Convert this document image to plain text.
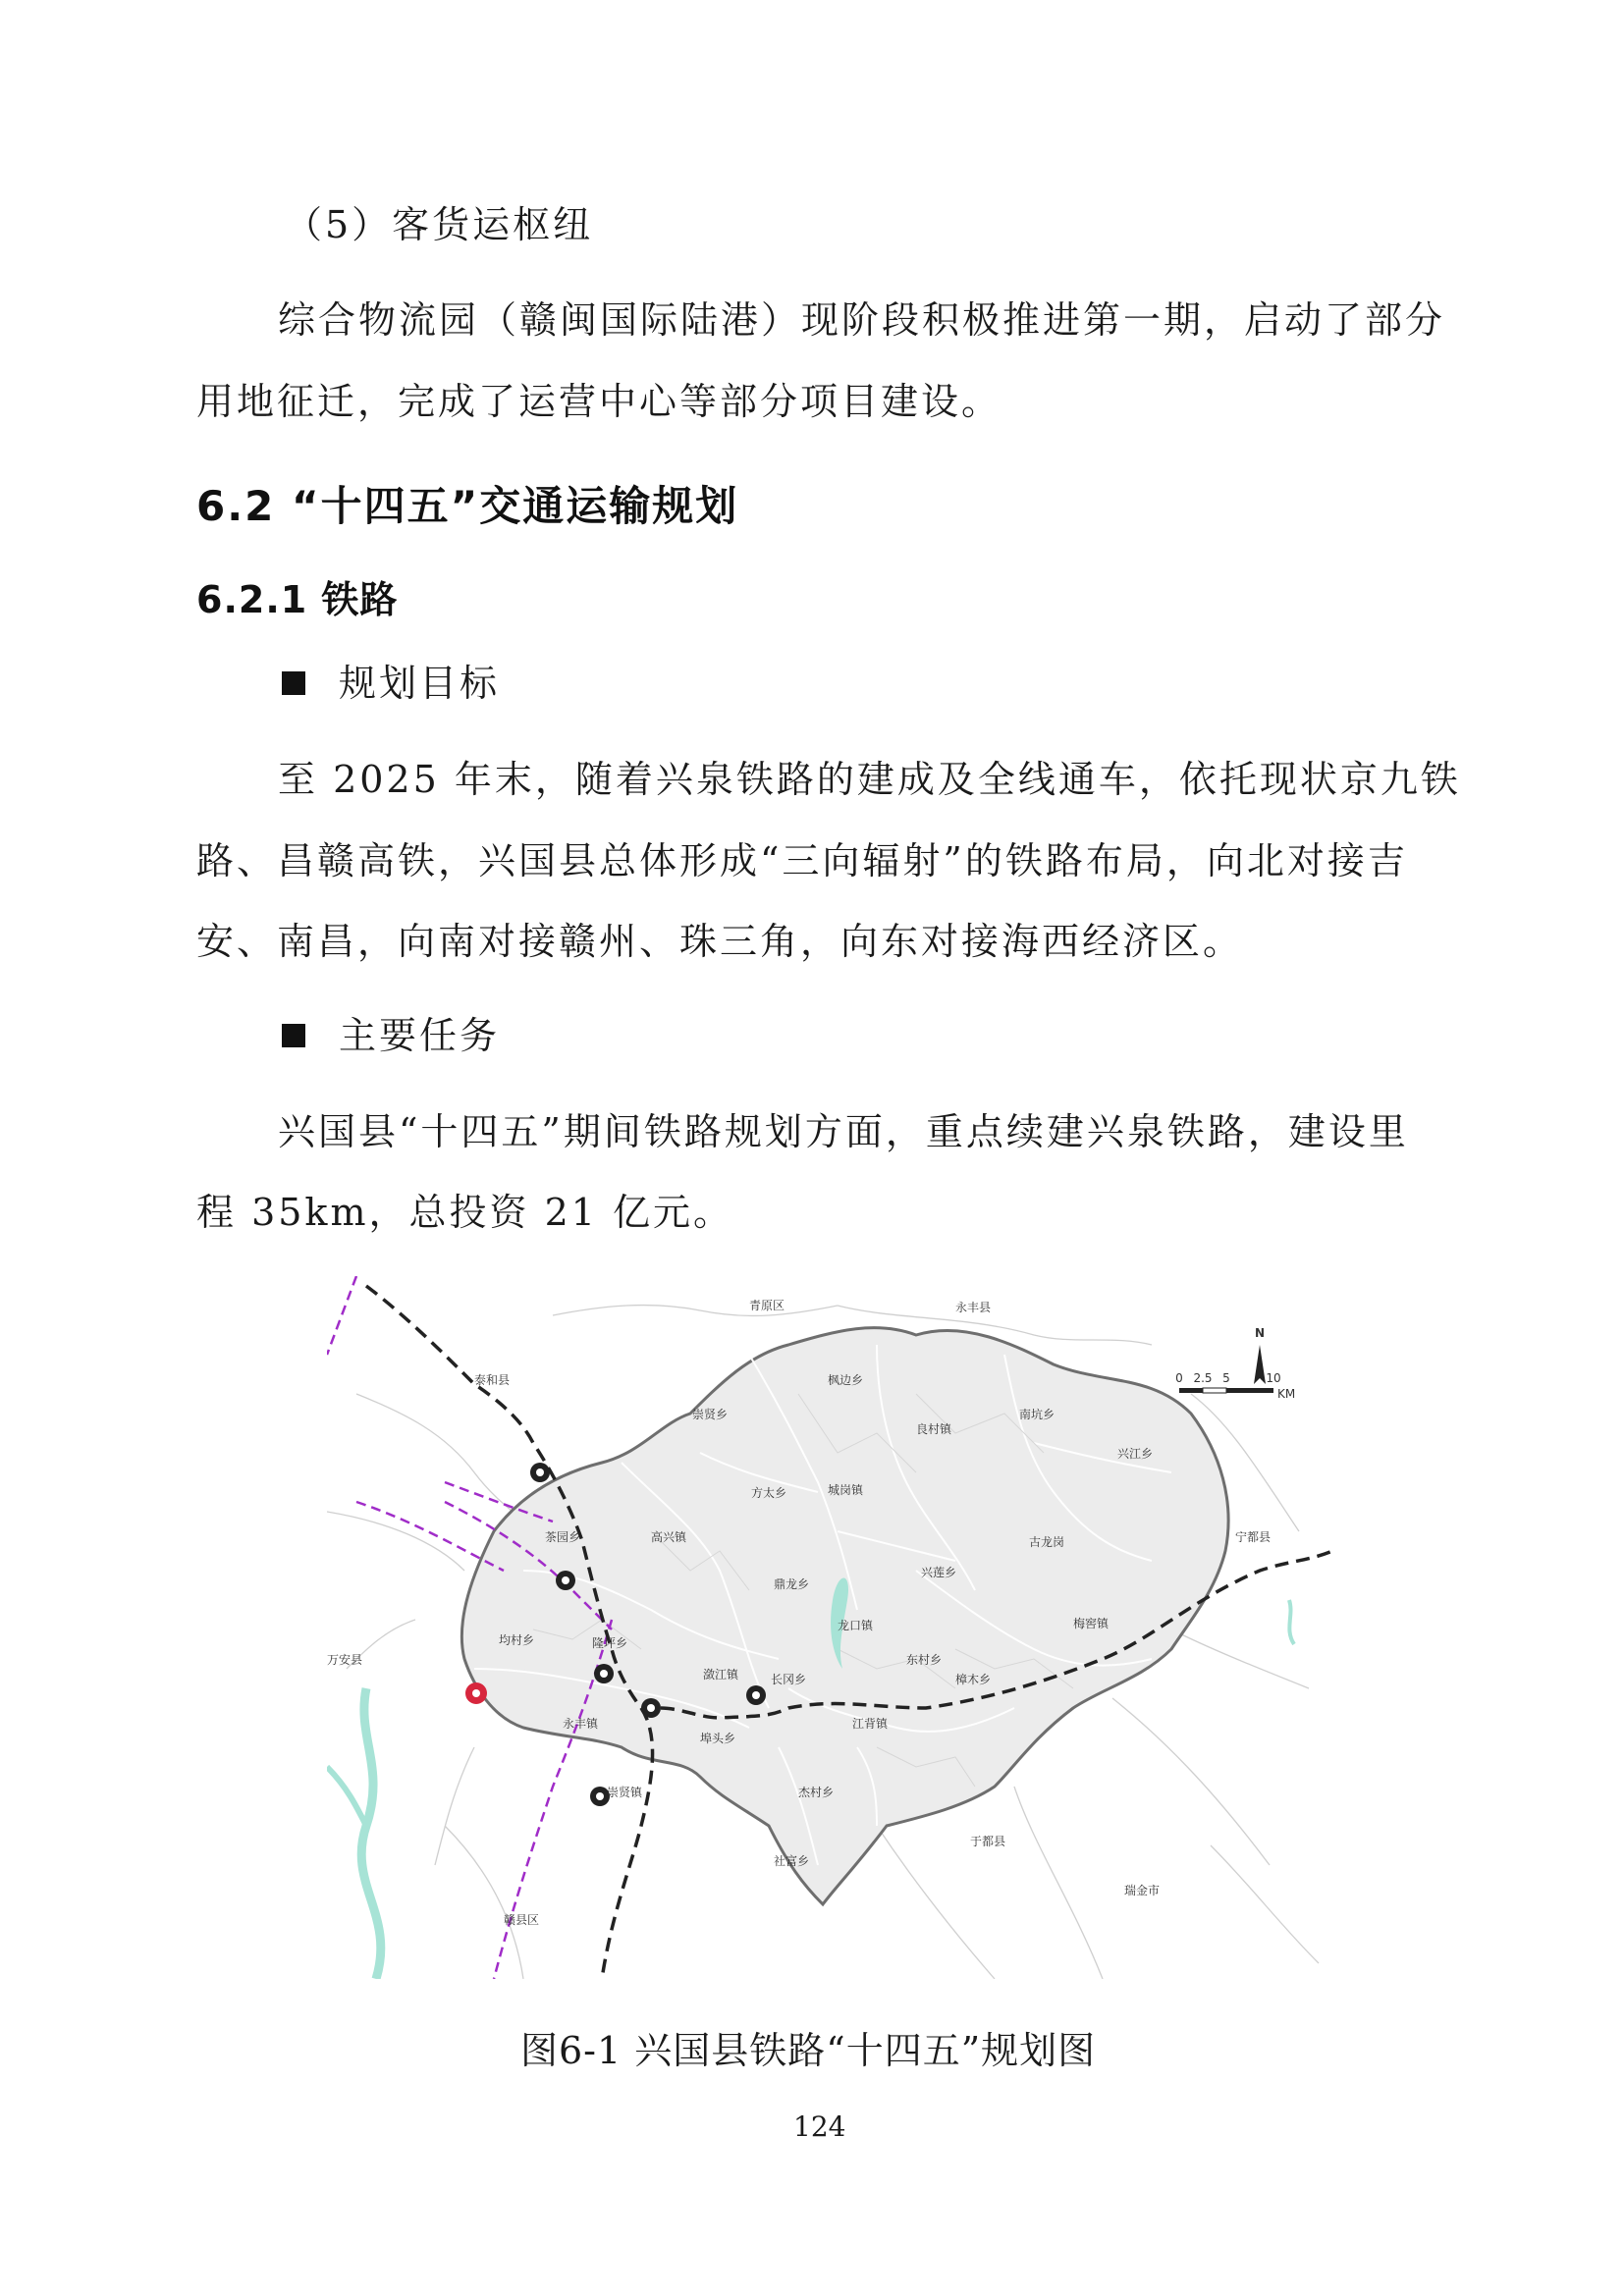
（5）客货运枢纽
综合物流园（赣闽国际陆港）现阶段积极推进第一期，启动了部分
用地征迁，完成了运营中心等部分项目建设。
6.2 “十四五”交通运输规划
6.2.1 铁路
规划目标
至 2025 年末，随着兴泉铁路的建成及全线通车，依托现状京九铁
路、昌赣高铁，兴国县总体形成“三向辐射”的铁路布局，向北对接吉
安、南昌，向南对接赣州、珠三角，向东对接海西经济区。
主要任务
兴国县“十四五”期间铁路规划方面，重点续建兴泉铁路，建设里
程 35km，总投资 21 亿元。
N
0 2.5 5	10
KM
青原区	永丰县
泰和县	枫边乡
崇贤乡
良村镇
南坑乡
兴江乡
方太乡	城岗镇
宁都县
茶园乡	高兴镇	古龙岗
鼎龙乡
兴莲乡
梅窖镇
均村乡	隆坪乡
龙口镇
万安县
潋江镇	长冈乡
东村乡
樟木乡
永丰镇
埠头乡
江背镇
崇贤镇	杰村乡
于都县
社富乡
瑞金市
赣县区
图6-1 兴国县铁路“十四五”规划图
124
